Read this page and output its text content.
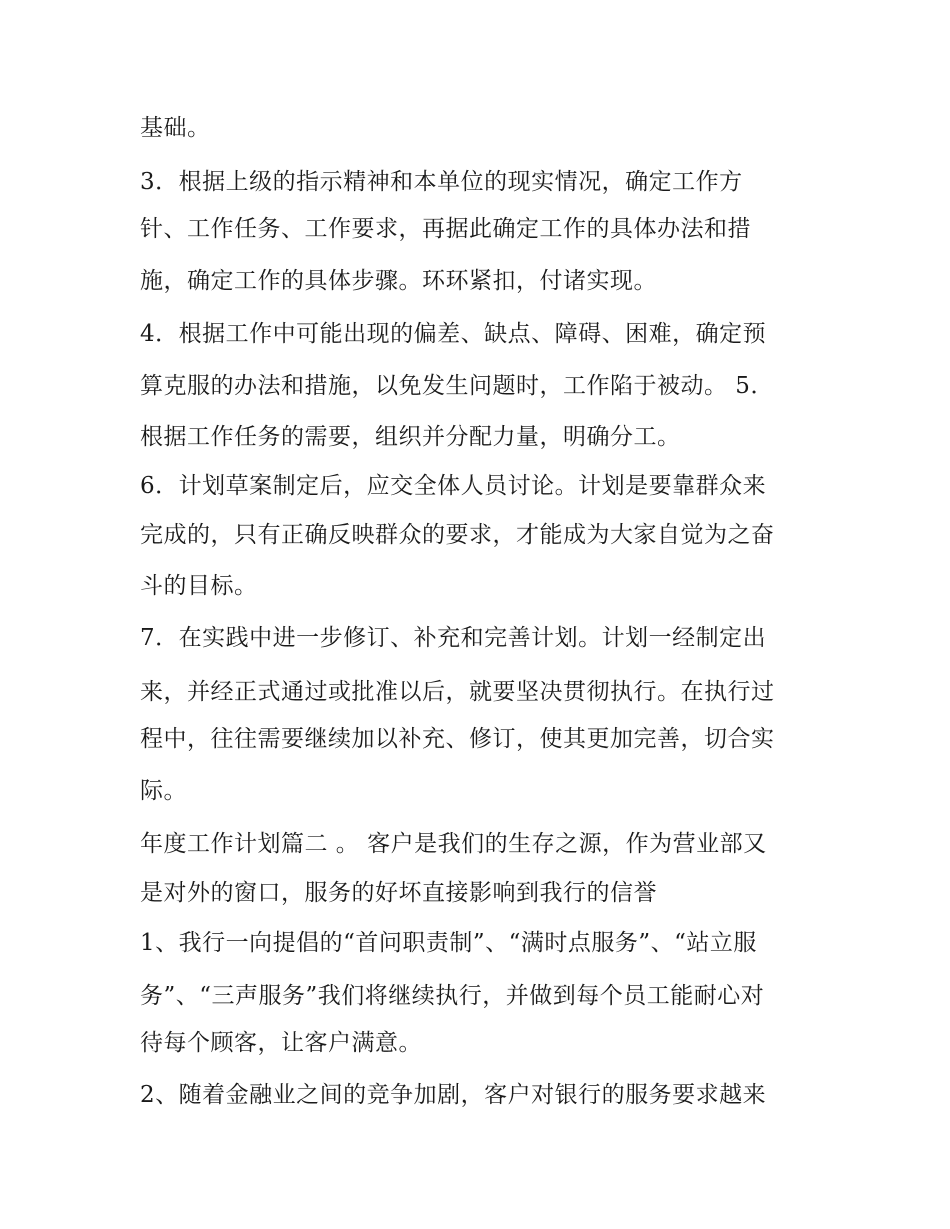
基础。
3．根据上级的指示精神和本单位的现实情况，确定工作方
针、工作任务、工作要求，再据此确定工作的具体办法和措
施，确定工作的具体步骤。环环紧扣，付诸实现。
4．根据工作中可能出现的偏差、缺点、障碍、困难，确定预
算克服的办法和措施，以免发生问题时，工作陷于被动。 5．
根据工作任务的需要，组织并分配力量，明确分工。
6．计划草案制定后，应交全体人员讨论。计划是要靠群众来
完成的，只有正确反映群众的要求，才能成为大家自觉为之奋
斗的目标。
7．在实践中进一步修订、补充和完善计划。计划一经制定出
来，并经正式通过或批准以后，就要坚决贯彻执行。在执行过
程中，往往需要继续加以补充、修订，使其更加完善，切合实
际。
年度工作计划篇二 。 客户是我们的生存之源，作为营业部又
是对外的窗口，服务的好坏直接影响到我行的信誉
1、我行一向提倡的“首问职责制”、“满时点服务”、“站立服
务”、“三声服务”我们将继续执行，并做到每个员工能耐心对
待每个顾客，让客户满意。
2、随着金融业之间的竞争加剧，客户对银行的服务要求越来
